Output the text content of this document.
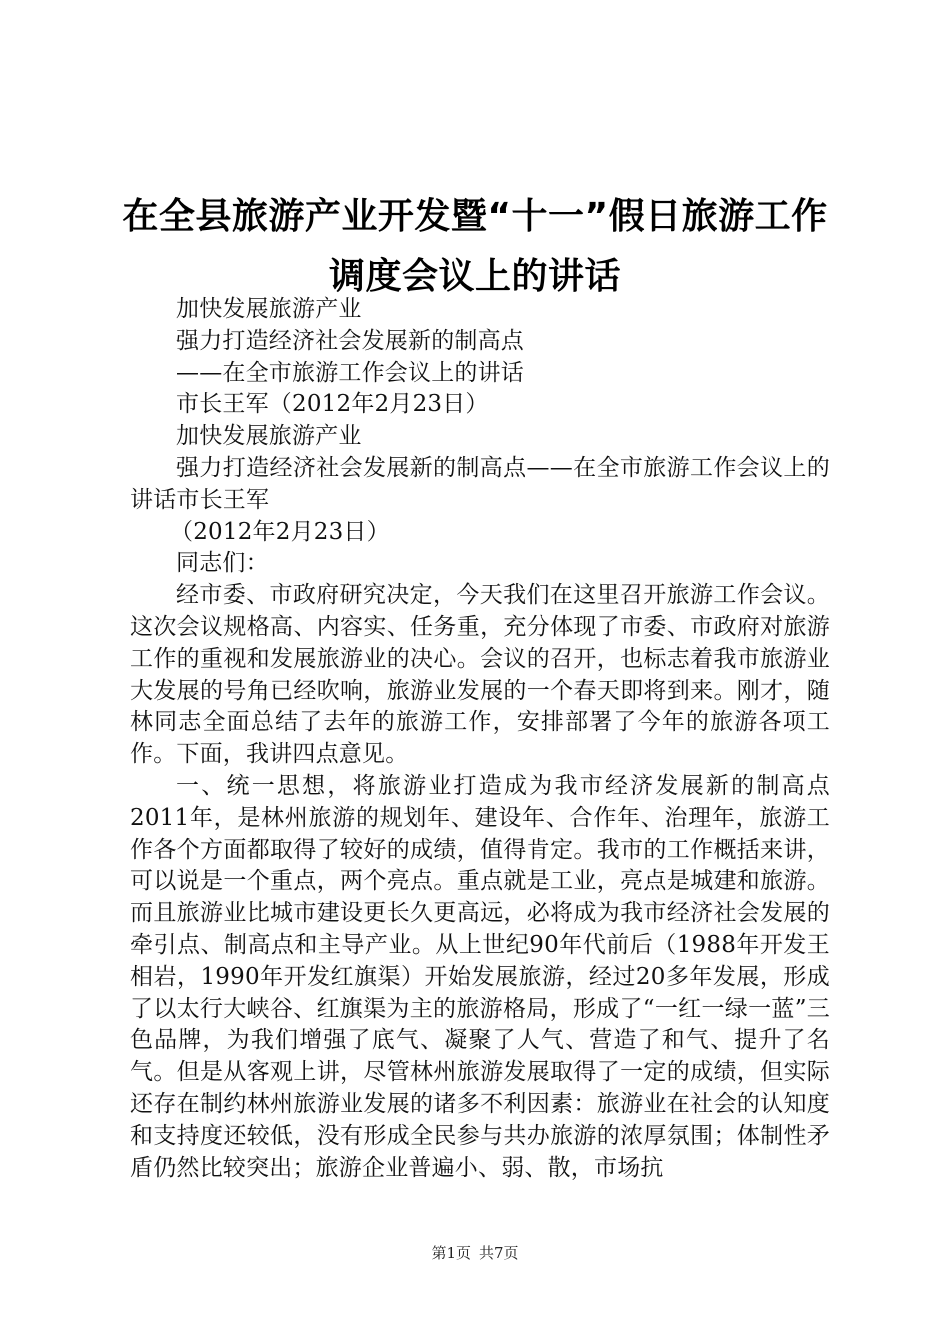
在全县旅游产业开发暨“十一”假日旅游工作
调度会议上的讲话

加快发展旅游产业

强力打造经济社会发展新的制高点

——在全市旅游工作会议上的讲话

市长王军（2012年2月23日）

加快发展旅游产业

强力打造经济社会发展新的制高点——在全市旅游工作会议上的讲话市长王军

（2012年2月23日）

同志们：

经市委、市政府研究决定，今天我们在这里召开旅游工作会议。这次会议规格高、内容实、任务重，充分体现了市委、市政府对旅游工作的重视和发展旅游业的决心。会议的召开，也标志着我市旅游业大发展的号角已经吹响，旅游业发展的一个春天即将到来。刚才，随林同志全面总结了去年的旅游工作，安排部署了今年的旅游各项工作。下面，我讲四点意见。

一、统一思想，将旅游业打造成为我市经济发展新的制高点2011年，是林州旅游的规划年、建设年、合作年、治理年，旅游工作各个方面都取得了较好的成绩，值得肯定。我市的工作概括来讲，可以说是一个重点，两个亮点。重点就是工业，亮点是城建和旅游。而且旅游业比城市建设更长久更高远，必将成为我市经济社会发展的牵引点、制高点和主导产业。从上世纪90年代前后（1988年开发王相岩，1990年开发红旗渠）开始发展旅游，经过20多年发展，形成了以太行大峡谷、红旗渠为主的旅游格局，形成了“一红一绿一蓝”三色品牌，为我们增强了底气、凝聚了人气、营造了和气、提升了名气。但是从客观上讲，尽管林州旅游发展取得了一定的成绩，但实际还存在制约林州旅游业发展的诸多不利因素：旅游业在社会的认知度和支持度还较低，没有形成全民参与共办旅游的浓厚氛围；体制性矛盾仍然比较突出；旅游企业普遍小、弱、散，市场抗

第1页 共7页
